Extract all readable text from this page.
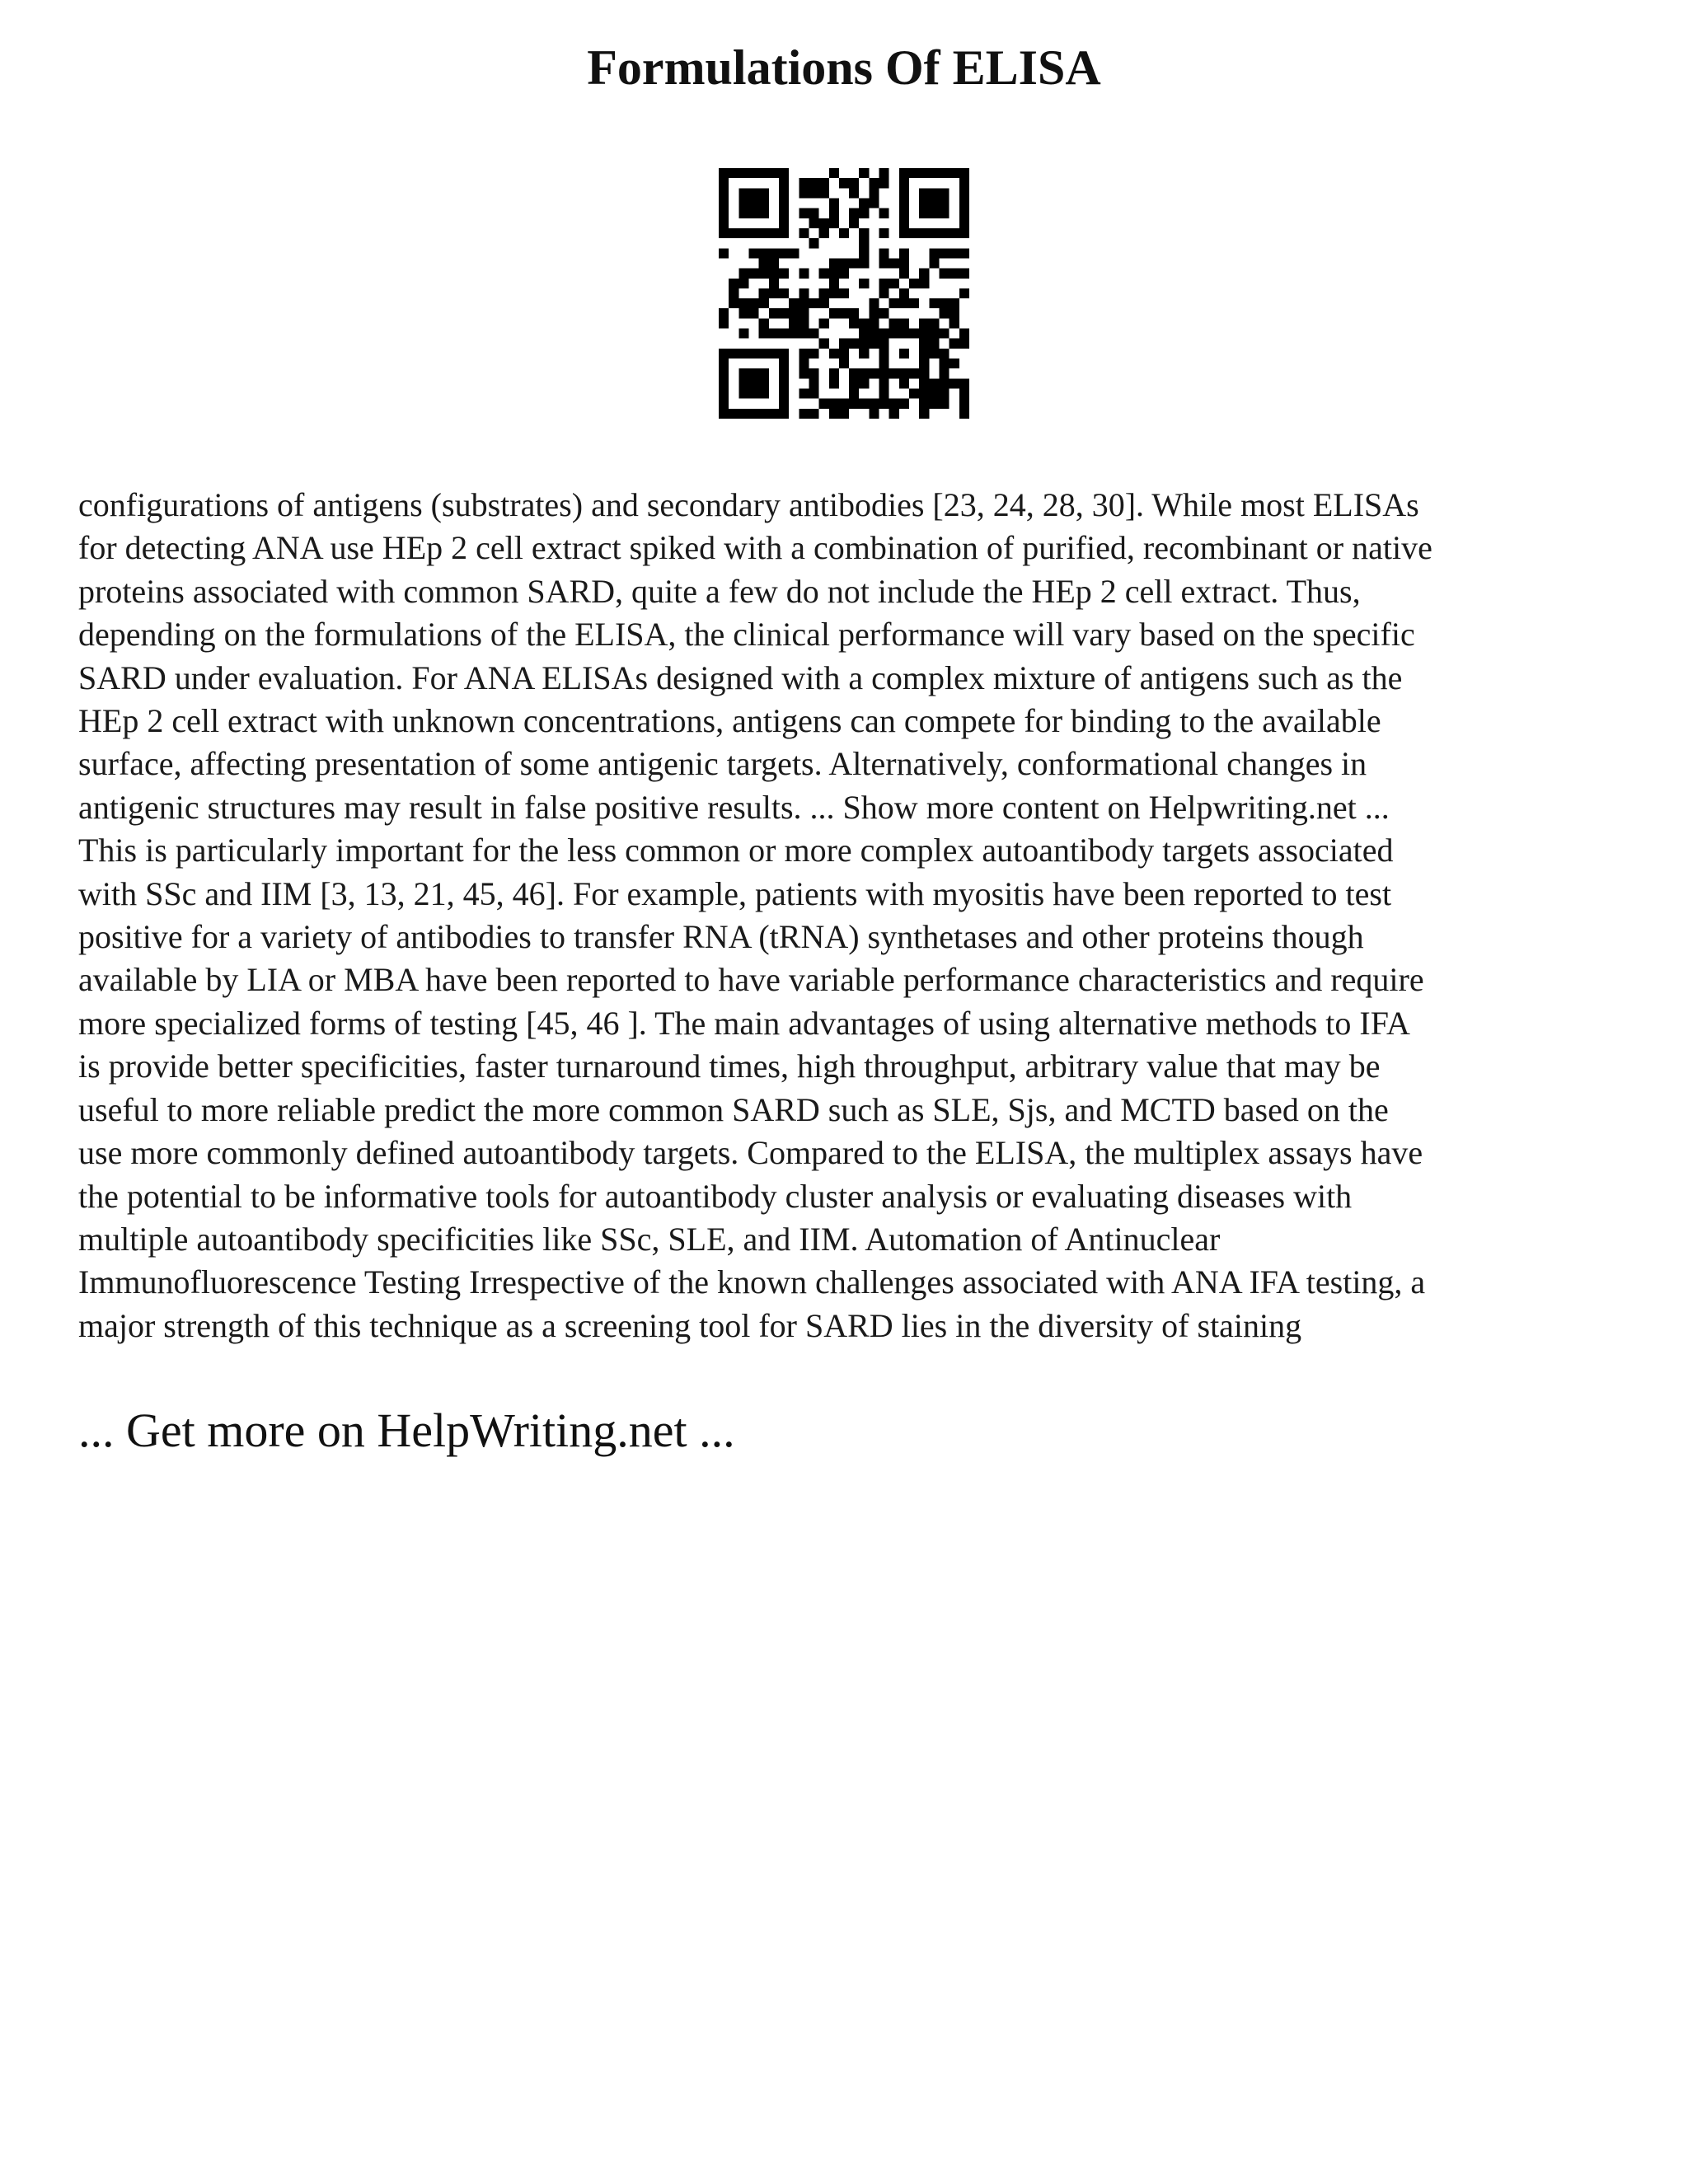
Formulations Of ELISA

configurations of antigens (substrates) and secondary antibodies [23, 24, 28, 30]. While most ELISAs
for detecting ANA use HEp 2 cell extract spiked with a combination of purified, recombinant or native
proteins associated with common SARD, quite a few do not include the HEp 2 cell extract. Thus,
depending on the formulations of the ELISA, the clinical performance will vary based on the specific
SARD under evaluation. For ANA ELISAs designed with a complex mixture of antigens such as the
HEp 2 cell extract with unknown concentrations, antigens can compete for binding to the available
surface, affecting presentation of some antigenic targets. Alternatively, conformational changes in
antigenic structures may result in false positive results. ... Show more content on Helpwriting.net ...
This is particularly important for the less common or more complex autoantibody targets associated
with SSc and IIM [3, 13, 21, 45, 46]. For example, patients with myositis have been reported to test
positive for a variety of antibodies to transfer RNA (tRNA) synthetases and other proteins though
available by LIA or MBA have been reported to have variable performance characteristics and require
more specialized forms of testing [45, 46 ]. The main advantages of using alternative methods to IFA
is provide better specificities, faster turnaround times, high throughput, arbitrary value that may be
useful to more reliable predict the more common SARD such as SLE, Sjs, and MCTD based on the
use more commonly defined autoantibody targets. Compared to the ELISA, the multiplex assays have
the potential to be informative tools for autoantibody cluster analysis or evaluating diseases with
multiple autoantibody specificities like SSc, SLE, and IIM. Automation of Antinuclear
Immunofluorescence Testing Irrespective of the known challenges associated with ANA IFA testing, a
major strength of this technique as a screening tool for SARD lies in the diversity of staining

... Get more on HelpWriting.net ...
